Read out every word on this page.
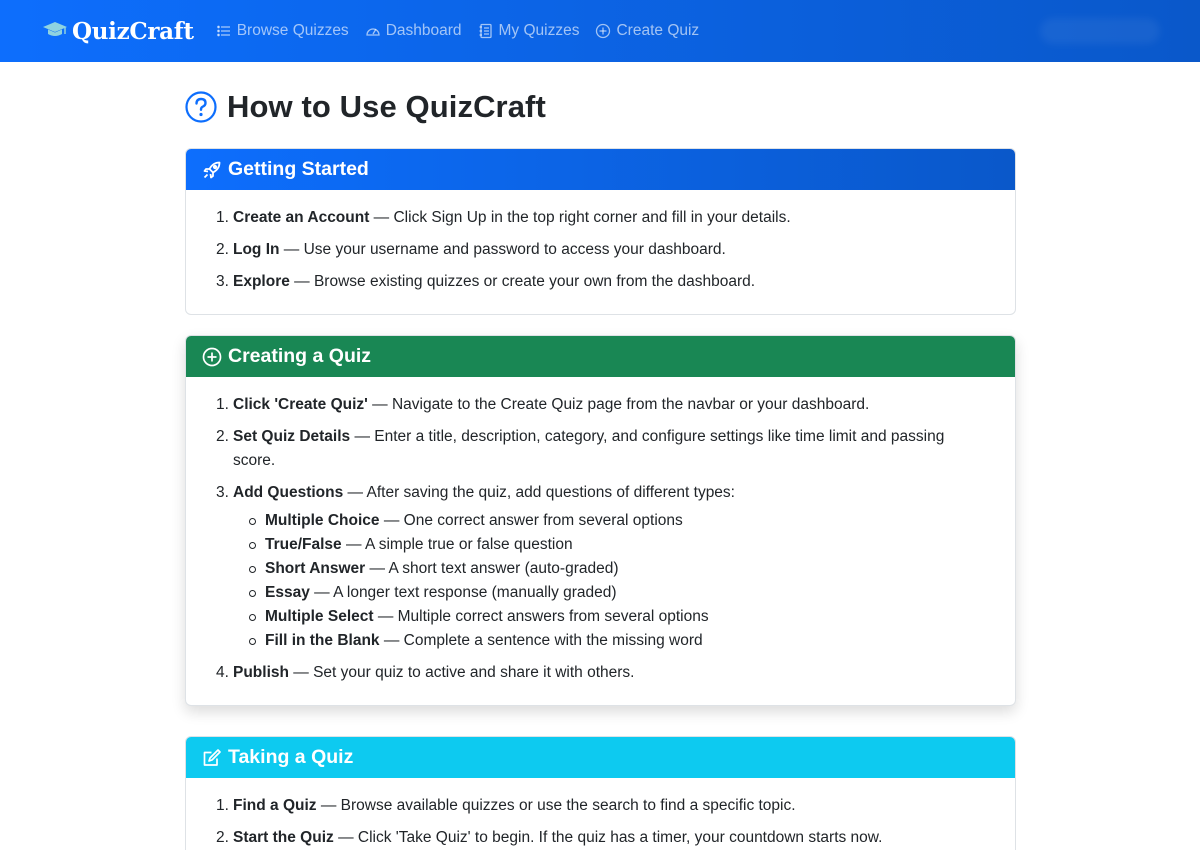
QuizCraft	Browse Quizzes Dashboard My Quizzes Create Quiz
How to Use QuizCraft
Getting Started
1. Create an Account — Click Sign Up in the top right corner and fill in your details.
2. Log In — Use your username and password to access your dashboard.
3. Explore — Browse existing quizzes or create your own from the dashboard.
Creating a Quiz
1. Click 'Create Quiz' — Navigate to the Create Quiz page from the navbar or your dashboard.
2. Set Quiz Details — Enter a title, description, category, and configure settings like time limit and passing score.
3. Add Questions — After saving the quiz, add questions of different types:
Multiple Choice — One correct answer from several options
True/False — A simple true or false question
Short Answer — A short text answer (auto-graded)
Essay — A longer text response (manually graded)
Multiple Select — Multiple correct answers from several options
Fill in the Blank — Complete a sentence with the missing word
4. Publish — Set your quiz to active and share it with others.
Taking a Quiz
1. Find a Quiz — Browse available quizzes or use the search to find a specific topic.
2. Start the Quiz — Click 'Take Quiz' to begin. If the quiz has a timer, your countdown starts now.
